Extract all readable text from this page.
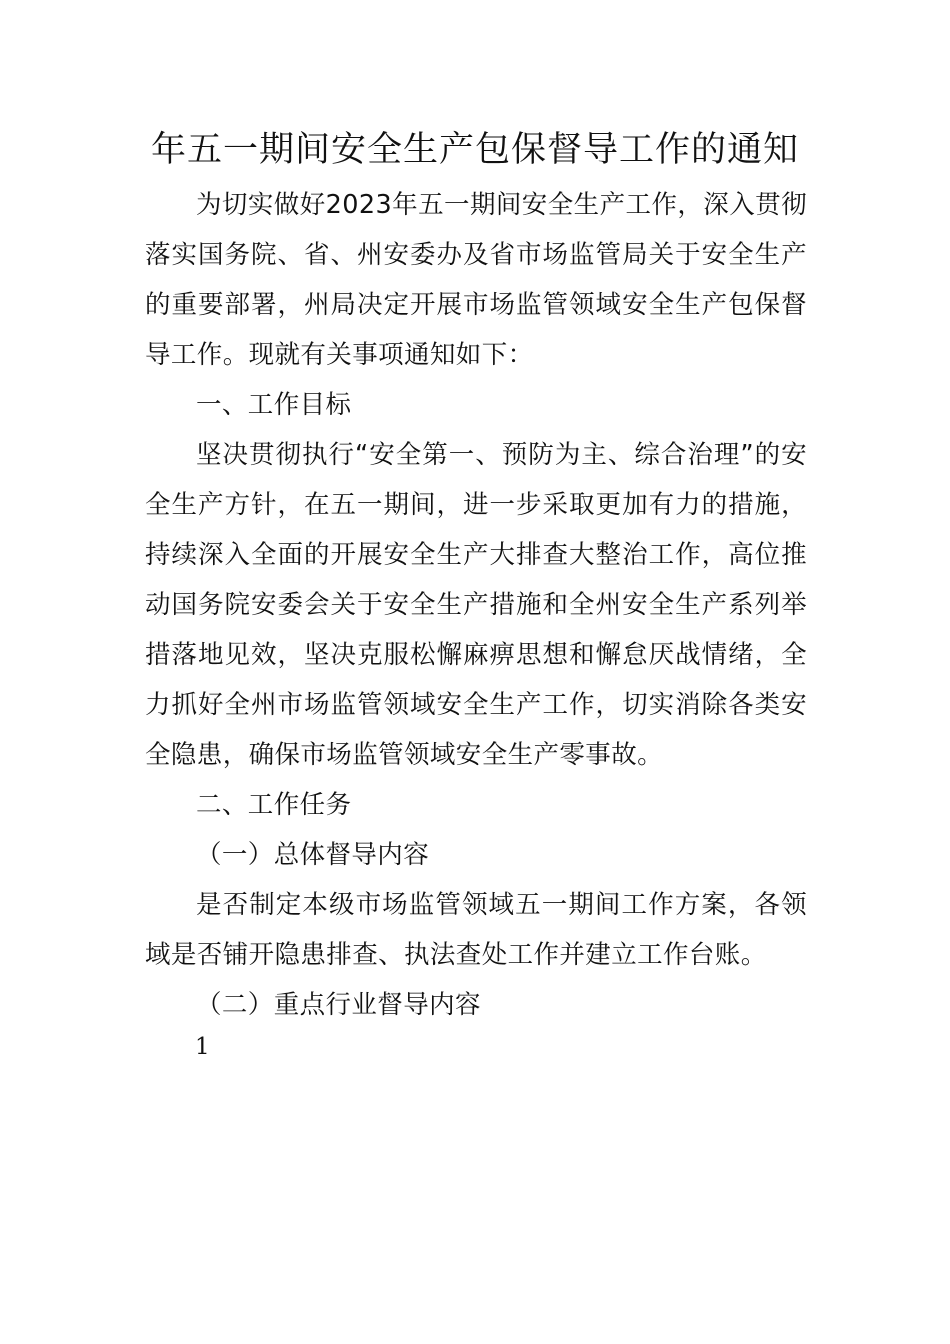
年五一期间安全生产包保督导工作的通知

为切实做好2023年五一期间安全生产工作，深入贯彻落实国务院、省、州安委办及省市场监管局关于安全生产的重要部署，州局决定开展市场监管领域安全生产包保督导工作。现就有关事项通知如下：

一、工作目标

坚决贯彻执行“安全第一、预防为主、综合治理”的安全生产方针，在五一期间，进一步采取更加有力的措施，持续深入全面的开展安全生产大排查大整治工作，高位推动国务院安委会关于安全生产措施和全州安全生产系列举措落地见效，坚决克服松懈麻痹思想和懈怠厌战情绪，全力抓好全州市场监管领域安全生产工作，切实消除各类安全隐患，确保市场监管领域安全生产零事故。

二、工作任务

（一）总体督导内容

是否制定本级市场监管领域五一期间工作方案，各领域是否铺开隐患排查、执法查处工作并建立工作台账。

（二）重点行业督导内容

1
